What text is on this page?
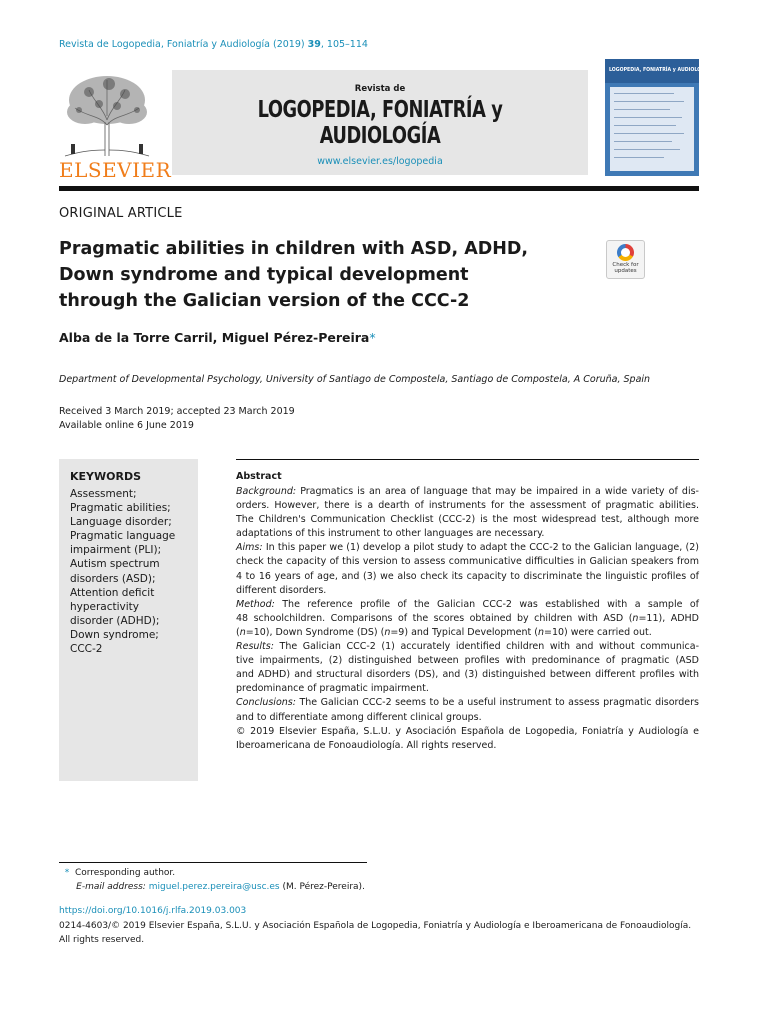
Revista de Logopedia, Foniatría y Audiología (2019) 39, 105–114
ELSEVIER
Revista de
LOGOPEDIA, FONIATRÍA y AUDIOLOGÍA
www.elsevier.es/logopedia
LOGOPEDIA, FONIATRÍA y AUDIOLOGÍA
ORIGINAL ARTICLE
Pragmatic abilities in children with ASD, ADHD,
Down syndrome and typical development
through the Galician version of the CCC-2
Check for
updates
Alba de la Torre Carril, Miguel Pérez-Pereira*
Department of Developmental Psychology, University of Santiago de Compostela, Santiago de Compostela, A Coruña, Spain
Received 3 March 2019; accepted 23 March 2019
Available online 6 June 2019
KEYWORDS
Assessment;
Pragmatic abilities;
Language disorder;
Pragmatic language
impairment (PLI);
Autism spectrum
disorders (ASD);
Attention deficit
hyperactivity
disorder (ADHD);
Down syndrome;
CCC-2
Abstract
Background: Pragmatics is an area of language that may be impaired in a wide variety of dis-
orders. However, there is a dearth of instruments for the assessment of pragmatic abilities.
The Children's Communication Checklist (CCC-2) is the most widespread test, although more
adaptations of this instrument to other languages are necessary.
Aims: In this paper we (1) develop a pilot study to adapt the CCC-2 to the Galician language, (2)
check the capacity of this version to assess communicative difficulties in Galician speakers from
4 to 16 years of age, and (3) we also check its capacity to discriminate the linguistic profiles of
different disorders.
Method: The reference profile of the Galician CCC-2 was established with a sample of
48 schoolchildren. Comparisons of the scores obtained by children with ASD (n=11), ADHD
(n=10), Down Syndrome (DS) (n=9) and Typical Development (n=10) were carried out.
Results: The Galician CCC-2 (1) accurately identified children with and without communica-
tive impairments, (2) distinguished between profiles with predominance of pragmatic (ASD
and ADHD) and structural disorders (DS), and (3) distinguished between different profiles with
predominance of pragmatic impairment.
Conclusions: The Galician CCC-2 seems to be a useful instrument to assess pragmatic disorders
and to differentiate among different clinical groups.
© 2019 Elsevier España, S.L.U. y Asociación Española de Logopedia, Foniatría y Audiología e
Iberoamericana de Fonoaudiología. All rights reserved.
* Corresponding author.
E-mail address: miguel.perez.pereira@usc.es (M. Pérez-Pereira).
https://doi.org/10.1016/j.rlfa.2019.03.003
0214-4603/© 2019 Elsevier España, S.L.U. y Asociación Española de Logopedia, Foniatría y Audiología e Iberoamericana de Fonoaudiología.
All rights reserved.
